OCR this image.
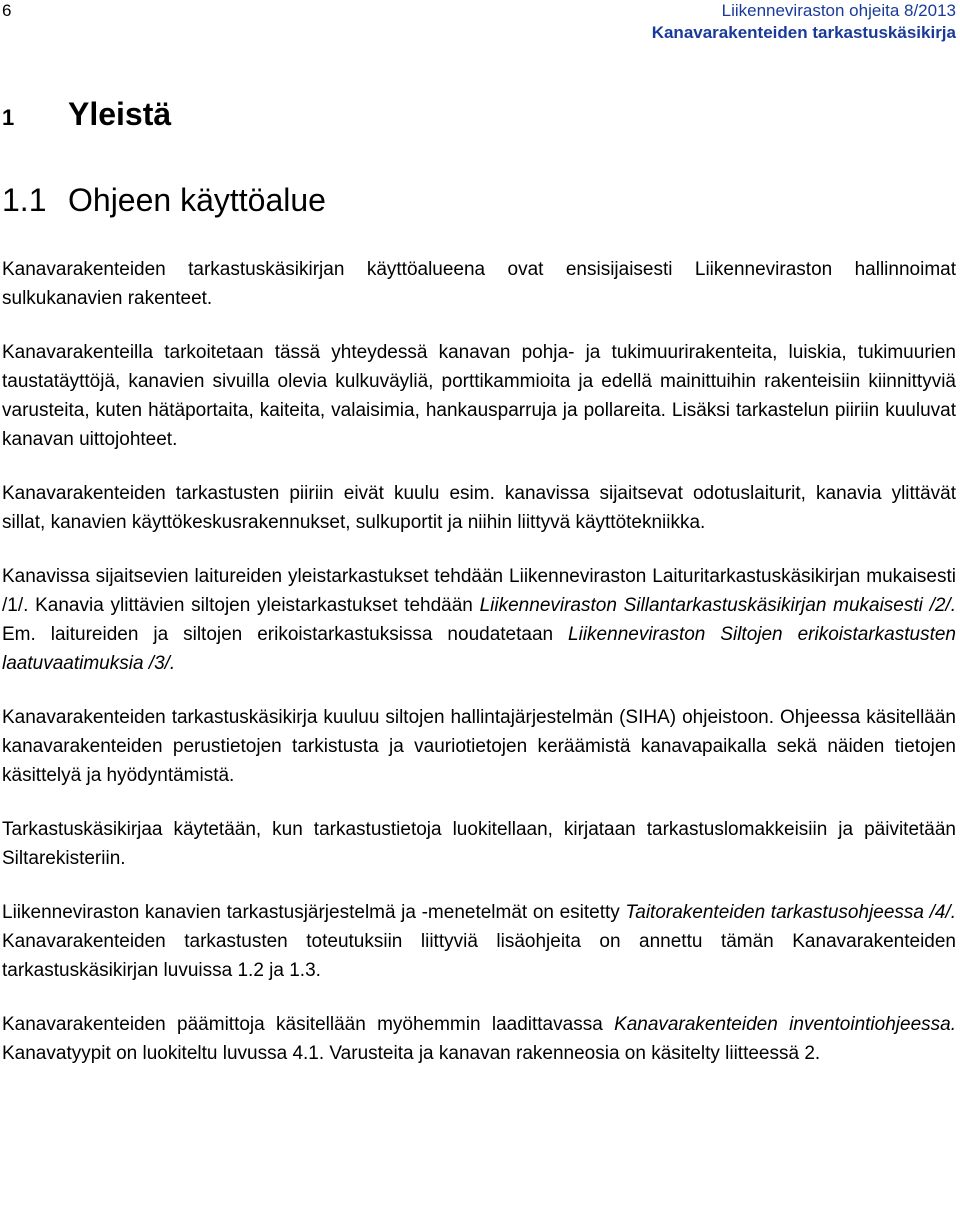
6	Liikenneviraston ohjeita 8/2013
Kanavarakenteiden tarkastuskäsikirja
1 Yleistä
1.1 Ohjeen käyttöalue

Kanavarakenteiden tarkastuskäsikirjan käyttöalueena ovat ensisijaisesti Liikenneviraston hallinnoimat sulkukanavien rakenteet.

Kanavarakenteilla tarkoitetaan tässä yhteydessä kanavan pohja- ja tukimuurirakenteita, luiskia, tukimuurien taustatäyttöjä, kanavien sivuilla olevia kulkuväyliä, porttikammioita ja edellä mainittuihin rakenteisiin kiinnittyviä varusteita, kuten hätäportaita, kaiteita, valaisimia, hankausparruja ja pollareita. Lisäksi tarkastelun piiriin kuuluvat kanavan uittojohteet.

Kanavarakenteiden tarkastusten piiriin eivät kuulu esim. kanavissa sijaitsevat odotuslaiturit, kanavia ylittävät sillat, kanavien käyttökeskusrakennukset, sulkuportit ja niihin liittyvä käyttötekniikka.

Kanavissa sijaitsevien laitureiden yleistarkastukset tehdään Liikenneviraston Laituritarkastuskäsikirjan mukaisesti /1/. Kanavia ylittävien siltojen yleistarkastukset tehdään Liikenneviraston Sillantarkastuskäsikirjan mukaisesti /2/. Em. laitureiden ja siltojen erikoistarkastuksissa noudatetaan Liikenneviraston Siltojen erikoistarkastusten laatuvaatimuksia /3/.

Kanavarakenteiden tarkastuskäsikirja kuuluu siltojen hallintajärjestelmän (SIHA) ohjeistoon. Ohjeessa käsitellään kanavarakenteiden perustietojen tarkistusta ja vauriotietojen keräämistä kanavapaikalla sekä näiden tietojen käsittelyä ja hyödyntämistä.

Tarkastuskäsikirjaa käytetään, kun tarkastustietoja luokitellaan, kirjataan tarkastuslomakkeisiin ja päivitetään Siltarekisteriin.

Liikenneviraston kanavien tarkastusjärjestelmä ja -menetelmät on esitetty Taitorakenteiden tarkastusohjeessa /4/. Kanavarakenteiden tarkastusten toteutuksiin liittyviä lisäohjeita on annettu tämän Kanavarakenteiden tarkastuskäsikirjan luvuissa 1.2 ja 1.3.

Kanavarakenteiden päämittoja käsitellään myöhemmin laadittavassa Kanavarakenteiden inventointiohjeessa. Kanavatyypit on luokiteltu luvussa 4.1. Varusteita ja kanavan rakenneosia on käsitelty liitteessä 2.
